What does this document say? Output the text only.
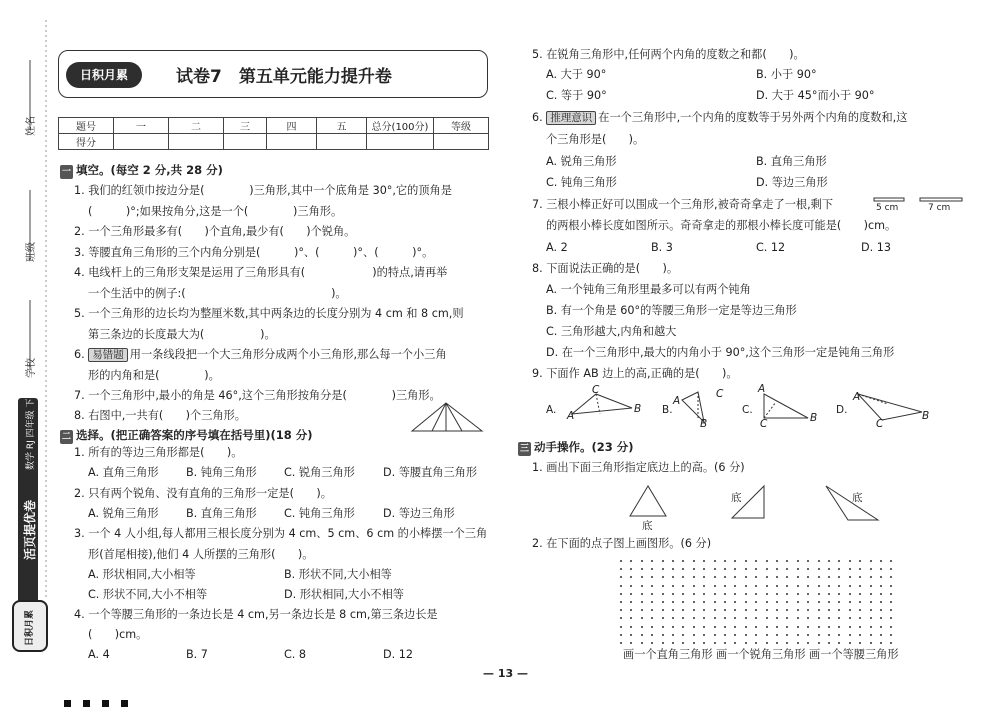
姓名
班级
学校
活页提优卷
数学 RJ 四年级 下册
日积月累
日积月累	试卷7　第五单元能力提升卷
题号	一	二	三	四	五	总分(100分)	等级
得分							
一 填空。(每空 2 分,共 28 分)
1. 我们的红领巾按边分是(　　　　)三角形,其中一个底角是 30°,它的顶角是
(　　　)°;如果按角分,这是一个(　　　　)三角形。
2. 一个三角形最多有(　　)个直角,最少有(　　)个锐角。
3. 等腰直角三角形的三个内角分别是(　　　)°、(　　　)°、(　　　)°。
4. 电线杆上的三角形支架是运用了三角形具有(　　　　　　)的特点,请再举
一个生活中的例子:(　　　　　　　　　　　　　)。
5. 一个三角形的边长均为整厘米数,其中两条边的长度分别为 4 cm 和 8 cm,则
第三条边的长度最大为(　　　　　)。
6. 易错题 用一条线段把一个大三角形分成两个小三角形,那么每一个小三角
形的内角和是(　　　　)。
7. 一个三角形中,最小的角是 46°,这个三角形按角分是(　　　　)三角形。
8. 右图中,一共有(　　)个三角形。
二 选择。(把正确答案的序号填在括号里)(18 分)
1. 所有的等边三角形都是(　　)。
A. 直角三角形 B. 钝角三角形 C. 锐角三角形	D. 等腰直角三角形
2. 只有两个锐角、没有直角的三角形一定是(　　)。
A. 锐角三角形 B. 直角三角形 C. 钝角三角形	D. 等边三角形
3. 一个 4 人小组,每人都用三根长度分别为 4 cm、5 cm、6 cm 的小棒摆一个三角
形(首尾相接),他们 4 人所摆的三角形(　　)。
A. 形状相同,大小相等	B. 形状不同,大小相等
C. 形状不同,大小不相等	D. 形状相同,大小不相等
4. 一个等腰三角形的一条边长是 4 cm,另一条边长是 8 cm,第三条边长是
(　　)cm。
A. 4	B. 7	C. 8	D. 12
5. 在锐角三角形中,任何两个内角的度数之和都(　　)。
A. 大于 90°	B. 小于 90°
C. 等于 90°	D. 大于 45°而小于 90°
6. 推理意识 在一个三角形中,一个内角的度数等于另外两个内角的度数和,这
个三角形是(　　)。
A. 锐角三角形	B. 直角三角形
C. 钝角三角形	D. 等边三角形
7. 三根小棒正好可以围成一个三角形,被奇奇拿走了一根,剩下
的两根小棒长度如图所示。奇奇拿走的那根小棒长度可能是(　　)cm。
5 cm	7 cm
A. 2	B. 3	C. 12	D. 13
8. 下面说法正确的是(　　)。
A. 一个钝角三角形里最多可以有两个钝角
B. 有一个角是 60°的等腰三角形一定是等边三角形
C. 三角形越大,内角和越大
D. 在一个三角形中,最大的内角小于 90°,这个三角形一定是钝角三角形
9. 下面作 AB 边上的高,正确的是(　　)。
A. A
B
C
B.
A
B
C
C.
A
C	B
D.
A
C
B
三 动手操作。(23 分)
1. 画出下面三角形指定底边上的高。(6 分)
底
底	底
2. 在下面的点子图上画图形。(6 分)
画一个直角三角形 画一个锐角三角形 画一个等腰三角形
— 13 —
